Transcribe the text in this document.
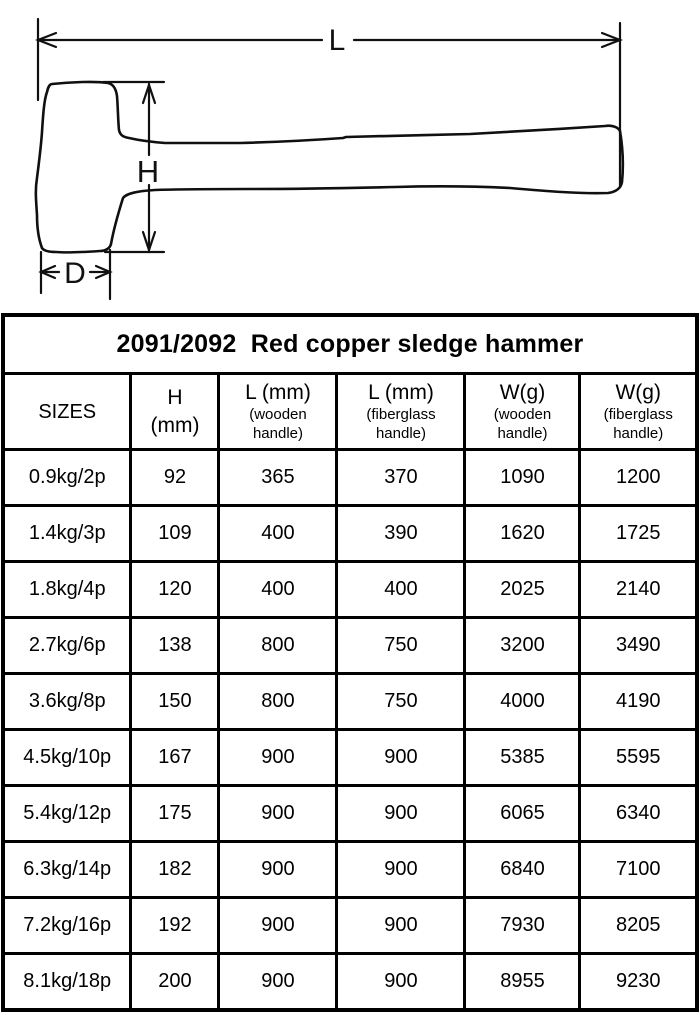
L
H
D
2091/2092  Red copper sledge hammer					

SIZES

H
(mm)

L (mm)
(wooden
handle)

L (mm)
(fiberglass
handle)

W(g)
(wooden
handle)

W(g)
(fiberglass
handle)

0.9kg/2p	92	365	370	1090	1200
1.4kg/3p	109	400	390	1620	1725
1.8kg/4p	120	400	400	2025	2140
2.7kg/6p	138	800	750	3200	3490
3.6kg/8p	150	800	750	4000	4190
4.5kg/10p	167	900	900	5385	5595
5.4kg/12p	175	900	900	6065	6340
6.3kg/14p	182	900	900	6840	7100
7.2kg/16p	192	900	900	7930	8205
8.1kg/18p	200	900	900	8955	9230
